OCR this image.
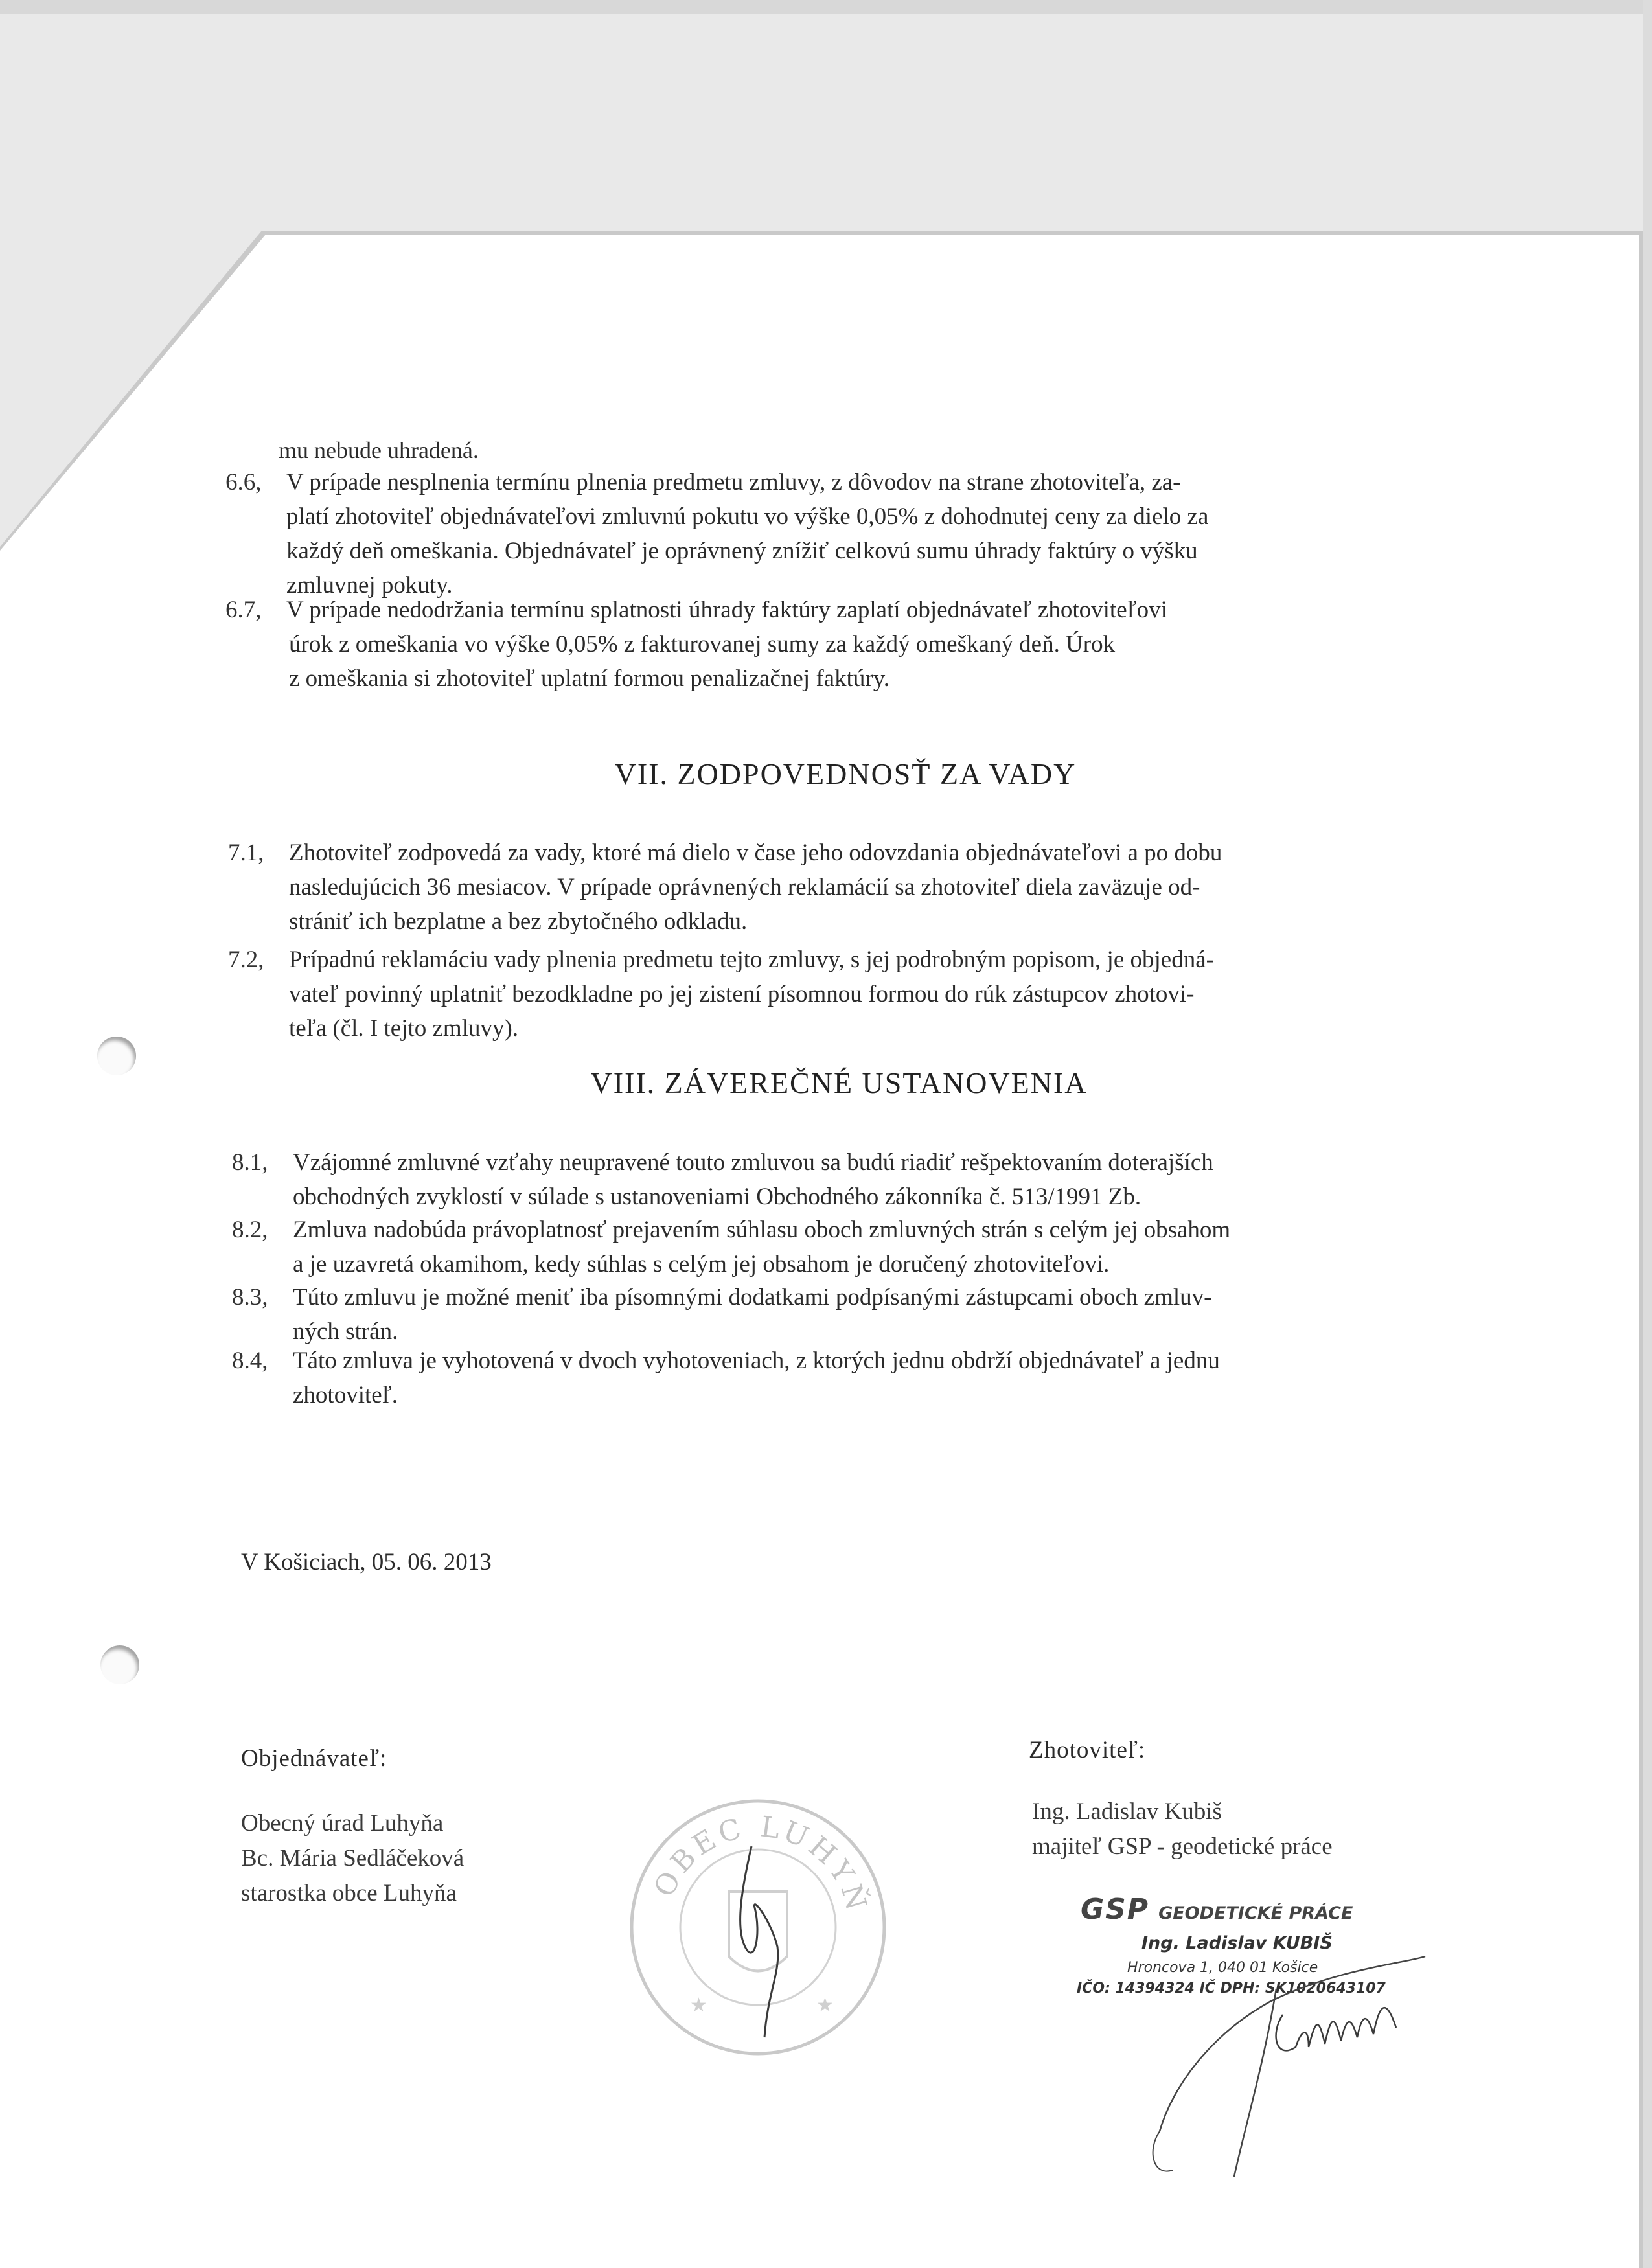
mu nebude uhradená.
6.6,	V prípade nesplnenia termínu plnenia predmetu zmluvy, z dôvodov na strane zhotoviteľa, za-
platí zhotoviteľ objednávateľovi zmluvnú pokutu vo výške 0,05% z dohodnutej ceny za dielo za
každý deň omeškania. Objednávateľ je oprávnený znížiť celkovú sumu úhrady faktúry o výšku
zmluvnej pokuty.
6.7,	V prípade nedodržania termínu splatnosti úhrady faktúry zaplatí objednávateľ zhotoviteľovi
úrok z omeškania vo výške 0,05% z fakturovanej sumy za každý omeškaný deň. Úrok
z omeškania si zhotoviteľ uplatní formou penalizačnej faktúry.
VII. ZODPOVEDNOSŤ ZA VADY
7.1,	Zhotoviteľ zodpovedá za vady, ktoré má dielo v čase jeho odovzdania objednávateľovi a po dobu
nasledujúcich 36 mesiacov. V prípade oprávnených reklamácií sa zhotoviteľ diela zaväzuje od-
strániť ich bezplatne a bez zbytočného odkladu.
7.2,	Prípadnú reklamáciu vady plnenia predmetu tejto zmluvy, s jej podrobným popisom, je objedná-
vateľ povinný uplatniť bezodkladne po jej zistení písomnou formou do rúk zástupcov zhotovi-
teľa (čl. I tejto zmluvy).
VIII. ZÁVEREČNÉ USTANOVENIA
8.1,	Vzájomné zmluvné vzťahy neupravené touto zmluvou sa budú riadiť rešpektovaním doterajších
obchodných zvyklostí v súlade s ustanoveniami Obchodného zákonníka č. 513/1991 Zb.
8.2,	Zmluva nadobúda právoplatnosť prejavením súhlasu oboch zmluvných strán s celým jej obsahom
a je uzavretá okamihom, kedy súhlas s celým jej obsahom je doručený zhotoviteľovi.
8.3,	Túto zmluvu je možné meniť iba písomnými dodatkami podpísanými zástupcami oboch zmluv-
ných strán.
8.4,	Táto zmluva je vyhotovená v dvoch vyhotoveniach, z ktorých jednu obdrží objednávateľ a jednu
zhotoviteľ.
V Košiciach, 05. 06. 2013
Objednávateľ:
Obecný úrad Luhyňa
Bc. Mária Sedláčeková
starostka obce Luhyňa	OBEC LUHYŇ
★	★
Zhotoviteľ:
Ing. Ladislav Kubiš
majiteľ GSP - geodetické práce
GSP GEODETICKÉ PRÁCE
Ing. Ladislav KUBIŠ
Hroncova 1, 040 01 Košice
IČO: 14394324 IČ DPH: SK1020643107
